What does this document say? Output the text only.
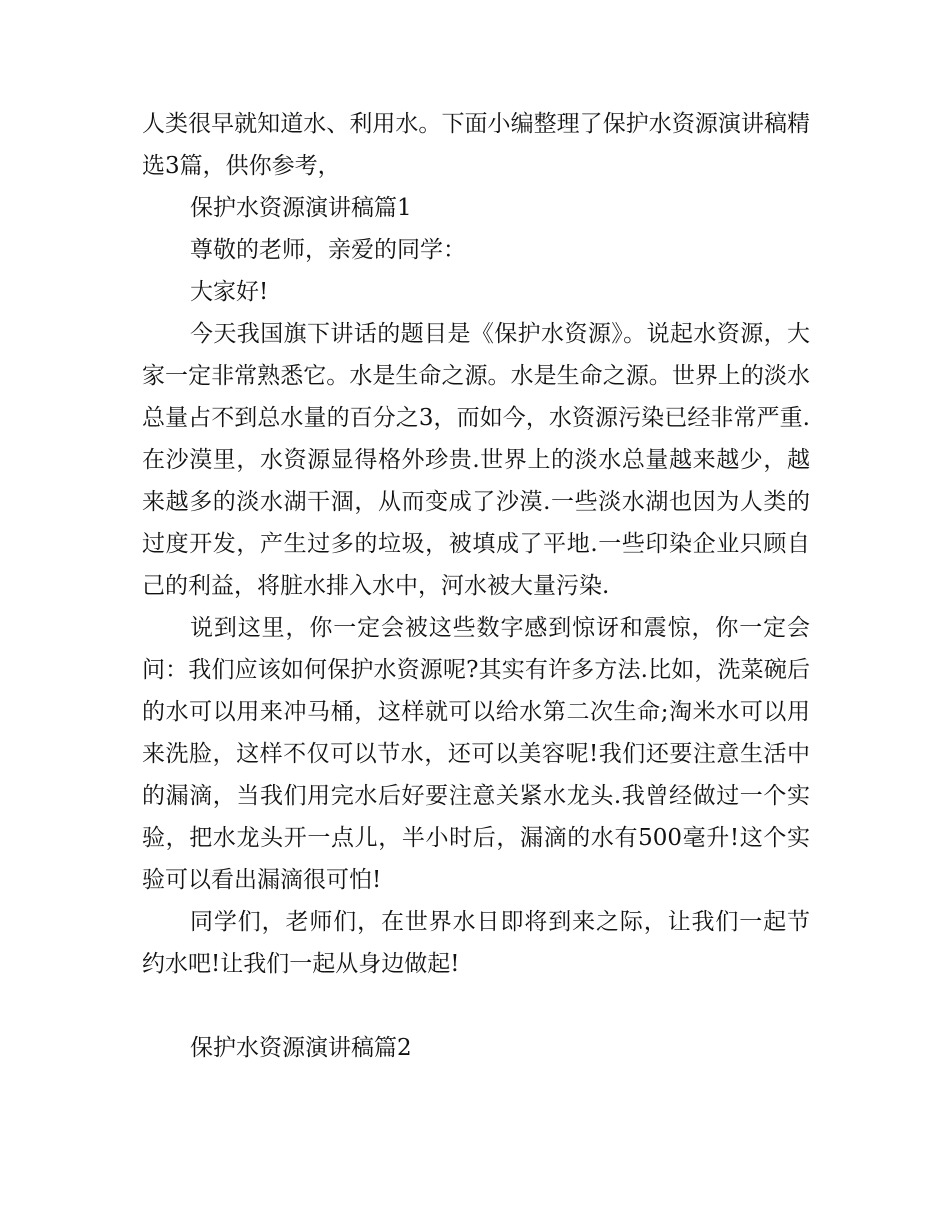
人类很早就知道水、利用水。下面小编整理了保护水资源演讲稿精选3篇，供你参考，

保护水资源演讲稿篇1

尊敬的老师，亲爱的同学：

大家好!

今天我国旗下讲话的题目是《保护水资源》。说起水资源，大家一定非常熟悉它。水是生命之源。水是生命之源。世界上的淡水总量占不到总水量的百分之3，而如今，水资源污染已经非常严重.在沙漠里，水资源显得格外珍贵.世界上的淡水总量越来越少，越来越多的淡水湖干涸，从而变成了沙漠.一些淡水湖也因为人类的过度开发，产生过多的垃圾，被填成了平地.一些印染企业只顾自己的利益，将脏水排入水中，河水被大量污染.

说到这里，你一定会被这些数字感到惊讶和震惊，你一定会问：我们应该如何保护水资源呢?其实有许多方法.比如，洗菜碗后的水可以用来冲马桶，这样就可以给水第二次生命;淘米水可以用来洗脸，这样不仅可以节水，还可以美容呢!我们还要注意生活中的漏滴，当我们用完水后好要注意关紧水龙头.我曾经做过一个实验，把水龙头开一点儿，半小时后，漏滴的水有500毫升!这个实验可以看出漏滴很可怕!

同学们，老师们，在世界水日即将到来之际，让我们一起节约水吧!让我们一起从身边做起!

保护水资源演讲稿篇2
